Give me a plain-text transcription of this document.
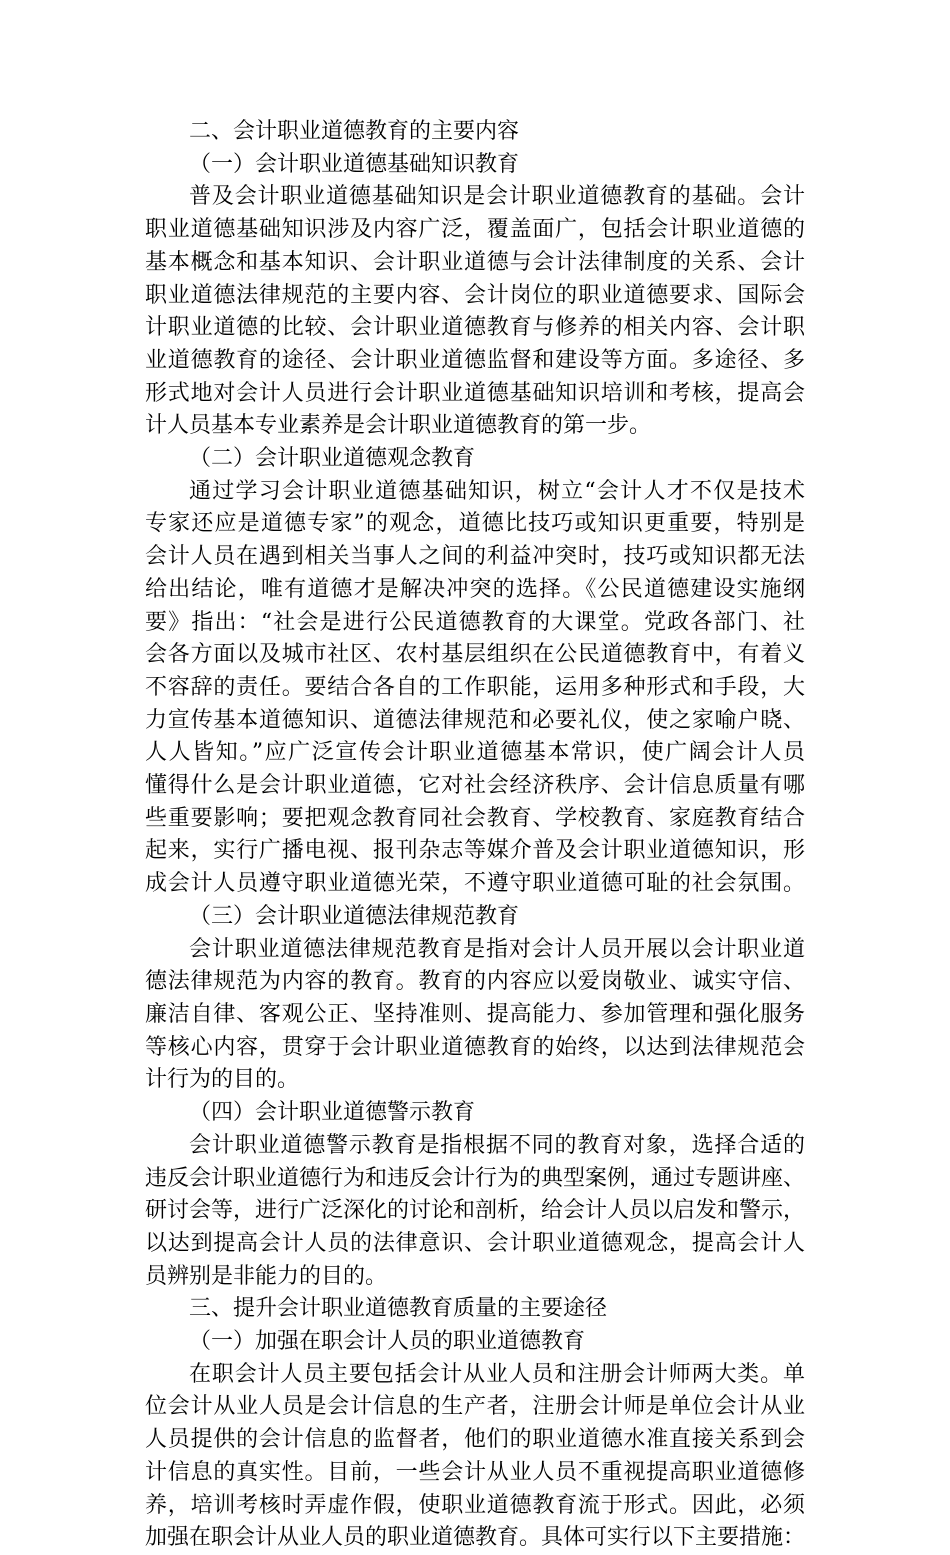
二、会计职业道德教育的主要内容
（一）会计职业道德基础知识教育
普及会计职业道德基础知识是会计职业道德教育的基础。会计
职业道德基础知识涉及内容广泛，覆盖面广，包括会计职业道德的
基本概念和基本知识、会计职业道德与会计法律制度的关系、会计
职业道德法律规范的主要内容、会计岗位的职业道德要求、国际会
计职业道德的比较、会计职业道德教育与修养的相关内容、会计职
业道德教育的途径、会计职业道德监督和建设等方面。多途径、多
形式地对会计人员进行会计职业道德基础知识培训和考核，提高会
计人员基本专业素养是会计职业道德教育的第一步。
（二）会计职业道德观念教育
通过学习会计职业道德基础知识，树立“会计人才不仅是技术
专家还应是道德专家”的观念，道德比技巧或知识更重要，特别是
会计人员在遇到相关当事人之间的利益冲突时，技巧或知识都无法
给出结论，唯有道德才是解决冲突的选择。《公民道德建设实施纲
要》指出：“社会是进行公民道德教育的大课堂。党政各部门、社
会各方面以及城市社区、农村基层组织在公民道德教育中，有着义
不容辞的责任。要结合各自的工作职能，运用多种形式和手段，大
力宣传基本道德知识、道德法律规范和必要礼仪，使之家喻户晓、
人人皆知。”应广泛宣传会计职业道德基本常识，使广阔会计人员
懂得什么是会计职业道德，它对社会经济秩序、会计信息质量有哪
些重要影响；要把观念教育同社会教育、学校教育、家庭教育结合
起来，实行广播电视、报刊杂志等媒介普及会计职业道德知识，形
成会计人员遵守职业道德光荣，不遵守职业道德可耻的社会氛围。
（三）会计职业道德法律规范教育
会计职业道德法律规范教育是指对会计人员开展以会计职业道
德法律规范为内容的教育。教育的内容应以爱岗敬业、诚实守信、
廉洁自律、客观公正、坚持准则、提高能力、参加管理和强化服务
等核心内容，贯穿于会计职业道德教育的始终，以达到法律规范会
计行为的目的。
（四）会计职业道德警示教育
会计职业道德警示教育是指根据不同的教育对象，选择合适的
违反会计职业道德行为和违反会计行为的典型案例，通过专题讲座、
研讨会等，进行广泛深化的讨论和剖析，给会计人员以启发和警示，
以达到提高会计人员的法律意识、会计职业道德观念，提高会计人
员辨别是非能力的目的。
三、提升会计职业道德教育质量的主要途径
（一）加强在职会计人员的职业道德教育
在职会计人员主要包括会计从业人员和注册会计师两大类。单
位会计从业人员是会计信息的生产者，注册会计师是单位会计从业
人员提供的会计信息的监督者，他们的职业道德水准直接关系到会
计信息的真实性。目前，一些会计从业人员不重视提高职业道德修
养，培训考核时弄虚作假，使职业道德教育流于形式。因此，必须
加强在职会计从业人员的职业道德教育。具体可实行以下主要措施：
